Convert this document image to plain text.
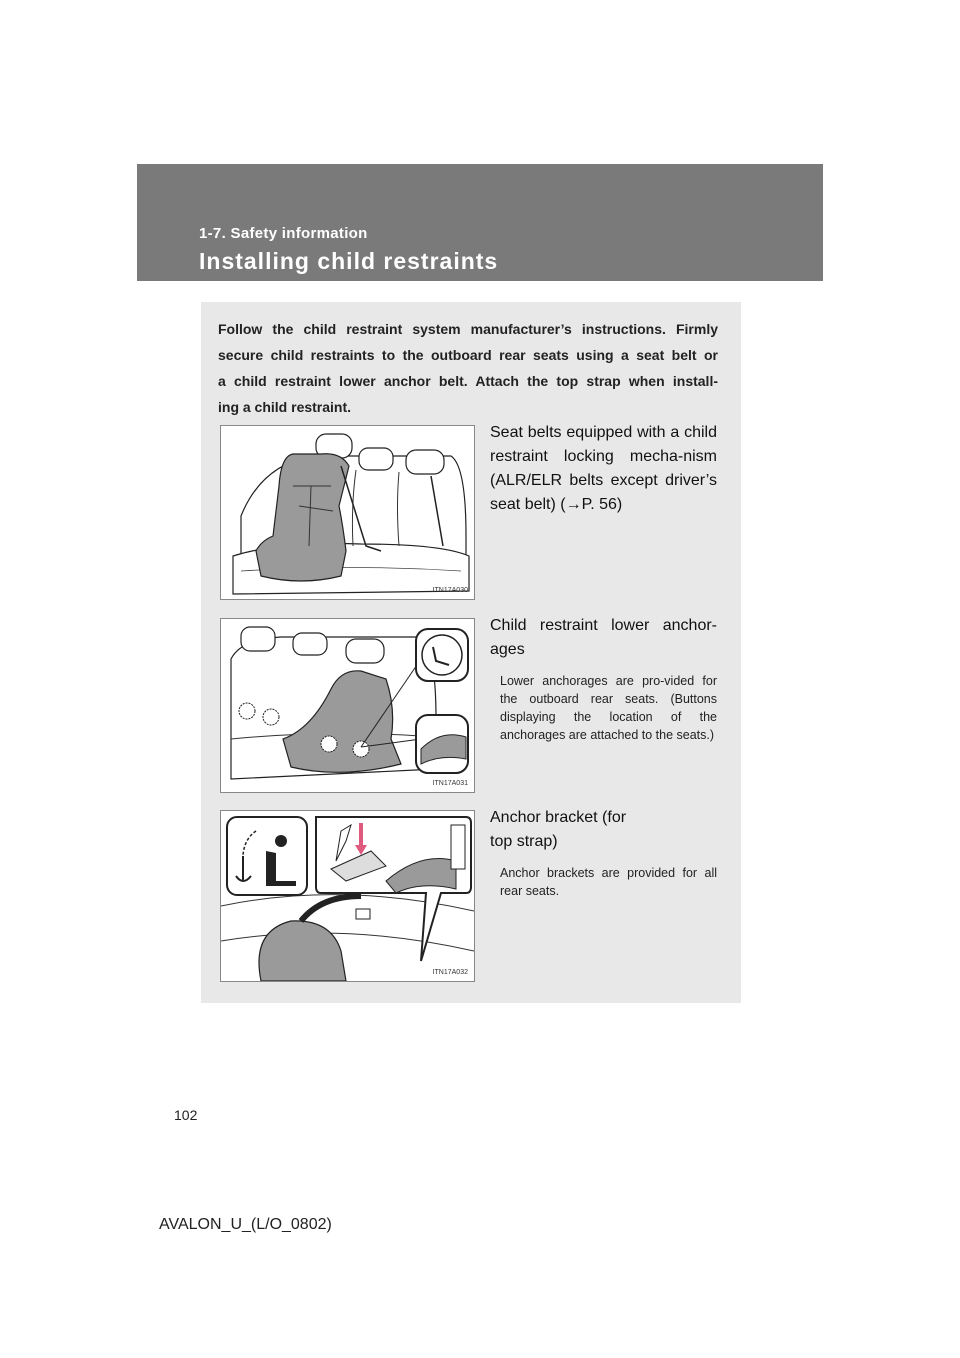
1-7. Safety information
Installing child restraints
Follow the child restraint system manufacturer’s instructions. Firmly
secure child restraints to the outboard rear seats using a seat belt or
a child restraint lower anchor belt. Attach the top strap when install-
ing a child restraint.
ITN17A030
Seat belts equipped with a child restraint locking mecha-nism (ALR/ELR belts except driver’s seat belt) (→P. 56)
ITN17A031
Child restraint lower anchor-ages
Lower anchorages are pro-vided for the outboard rear seats. (Buttons displaying the location of the anchorages are attached to the seats.)
ITN17A032
Anchor bracket (for top strap)
Anchor brackets are provided for all rear seats.
102
AVALON_U_(L/O_0802)
